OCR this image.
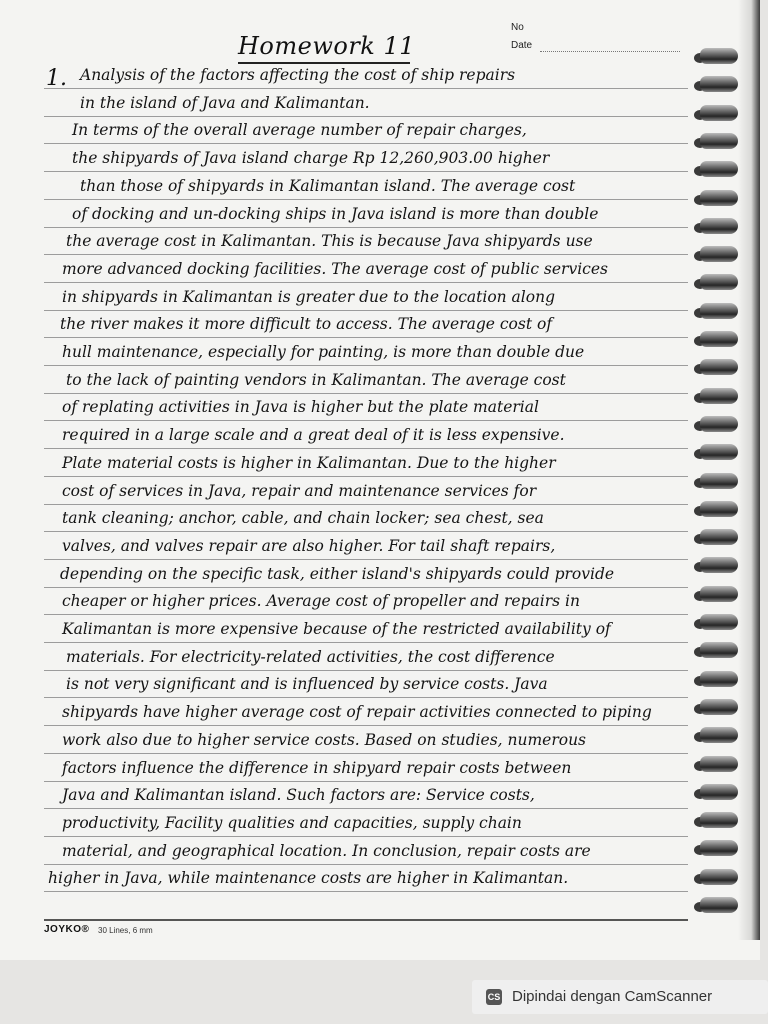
No
Date
Homework 11
1. Analysis of the factors affecting the cost of ship repairs
in the island of Java and Kalimantan.
In terms of the overall average number of repair charges,
the shipyards of Java island charge Rp 12,260,903.00 higher
than those of shipyards in Kalimantan island. The average cost
of docking and un-docking ships in Java island is more than double
the average cost in Kalimantan. This is because Java shipyards use
more advanced docking facilities. The average cost of public services
in shipyards in Kalimantan is greater due to the location along
the river makes it more difficult to access. The average cost of
hull maintenance, especially for painting, is more than double due
to the lack of painting vendors in Kalimantan. The average cost
of replating activities in Java is higher but the plate material
required in a large scale and a great deal of it is less expensive.
Plate material costs is higher in Kalimantan. Due to the higher
cost of services in Java, repair and maintenance services for
tank cleaning; anchor, cable, and chain locker; sea chest, sea
valves, and valves repair are also higher. For tail shaft repairs,
depending on the specific task, either island's shipyards could provide
cheaper or higher prices. Average cost of propeller and repairs in
Kalimantan is more expensive because of the restricted availability of
materials. For electricity-related activities, the cost difference
is not very significant and is influenced by service costs. Java
shipyards have higher average cost of repair activities connected to piping
work also due to higher service costs. Based on studies, numerous
factors influence the difference in shipyard repair costs between
Java and Kalimantan island. Such factors are: Service costs,
productivity, Facility qualities and capacities, supply chain
material, and geographical location. In conclusion, repair costs are
higher in Java, while maintenance costs are higher in Kalimantan.
JOYKO® 30 Lines, 6 mm
CS Dipindai dengan CamScanner
